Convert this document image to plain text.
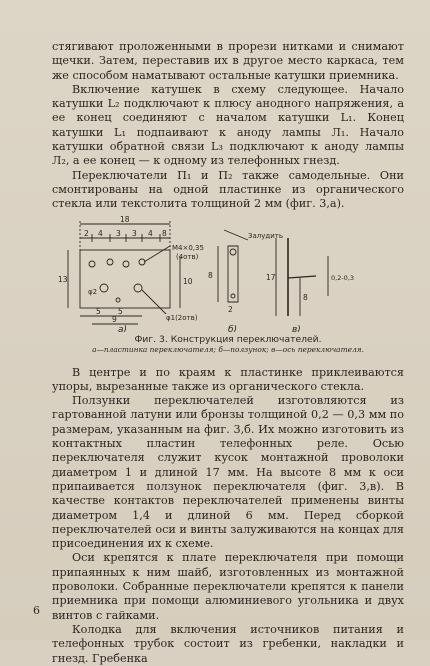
стягивают проложенными в прорези нитками и снимают щечки. Затем, переставив их в другое место каркаса, тем же способом наматывают остальные катушки приемника.

Включение катушек в схему следующее. Начало катушки L₂ подключают к плюсу анодного напряжения, а ее конец соединяют с началом катушки L₁. Конец катушки L₁ подпаивают к аноду лампы Л₁. Начало катушки обратной связи L₃ подключают к аноду лампы Л₂, а ее конец — к одному из телефонных гнезд.

Переключатели П₁ и П₂ также самодельные. Они смонтированы на одной пластинке из органического стекла или текстолита толщиной 2 мм (фиг. 3,а).

18
2 4 3 3 4 8
13	10
5 5
9
М4×0,35
(4отв)
φ2
φ1(2отв)
Залудить
8
2
17
8
0,2-0,3
а)	б)	в)

Фиг. 3. Конструкция переключателей.

а—пластинка переключателя; б—ползунок; в—ось переключателя.

В центре и по краям к пластинке приклеиваются упоры, вырезанные также из органического стекла.

Ползунки переключателей изготовляются из гартованной латуни или бронзы толщиной 0,2 — 0,3 мм по размерам, указанным на фиг. 3,б. Их можно изготовить из контактных пластин телефонных реле. Осью переключателя служит кусок монтажной проволоки диаметром 1 и длиной 17 мм. На высоте 8 мм к оси припаивается ползунок переключателя (фиг. 3,в). В качестве контактов переключателей применены винты диаметром 1,4 и длиной 6 мм. Перед сборкой переключателей оси и винты залуживаются на концах для присоединения их к схеме.

Оси крепятся к плате переключателя при помощи припаянных к ним шайб, изготовленных из монтажной проволоки. Собранные переключатели крепятся к панели приемника при помощи алюминиевого угольника и двух винтов с гайками.

Колодка для включения источников питания и телефонных трубок состоит из гребенки, накладки и гнезд. Гребенка

6
